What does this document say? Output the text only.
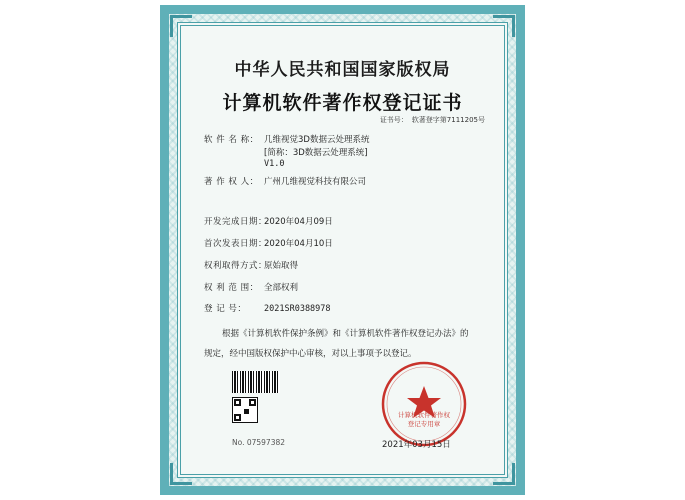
中华人民共和国国家版权局
计算机软件著作权登记证书
证书号： 软著登字第7111205号
软 件 名 称： 几维视觉3D数据云处理系统
[简称：3D数据云处理系统]
V1.0
著 作 权 人： 广州几维视觉科技有限公司
开发完成日期：2020年04月09日
首次发表日期：2020年04月10日
权利取得方式：原始取得
权 利 范 围： 全部权利
登 记 号： 2021SR0388978
根据《计算机软件保护条例》和《计算机软件著作权登记办法》的
规定，经中国版权保护中心审核，对以上事项予以登记。
计算机软件著作权
登记专用章
No. 07597382	2021年03月15日
